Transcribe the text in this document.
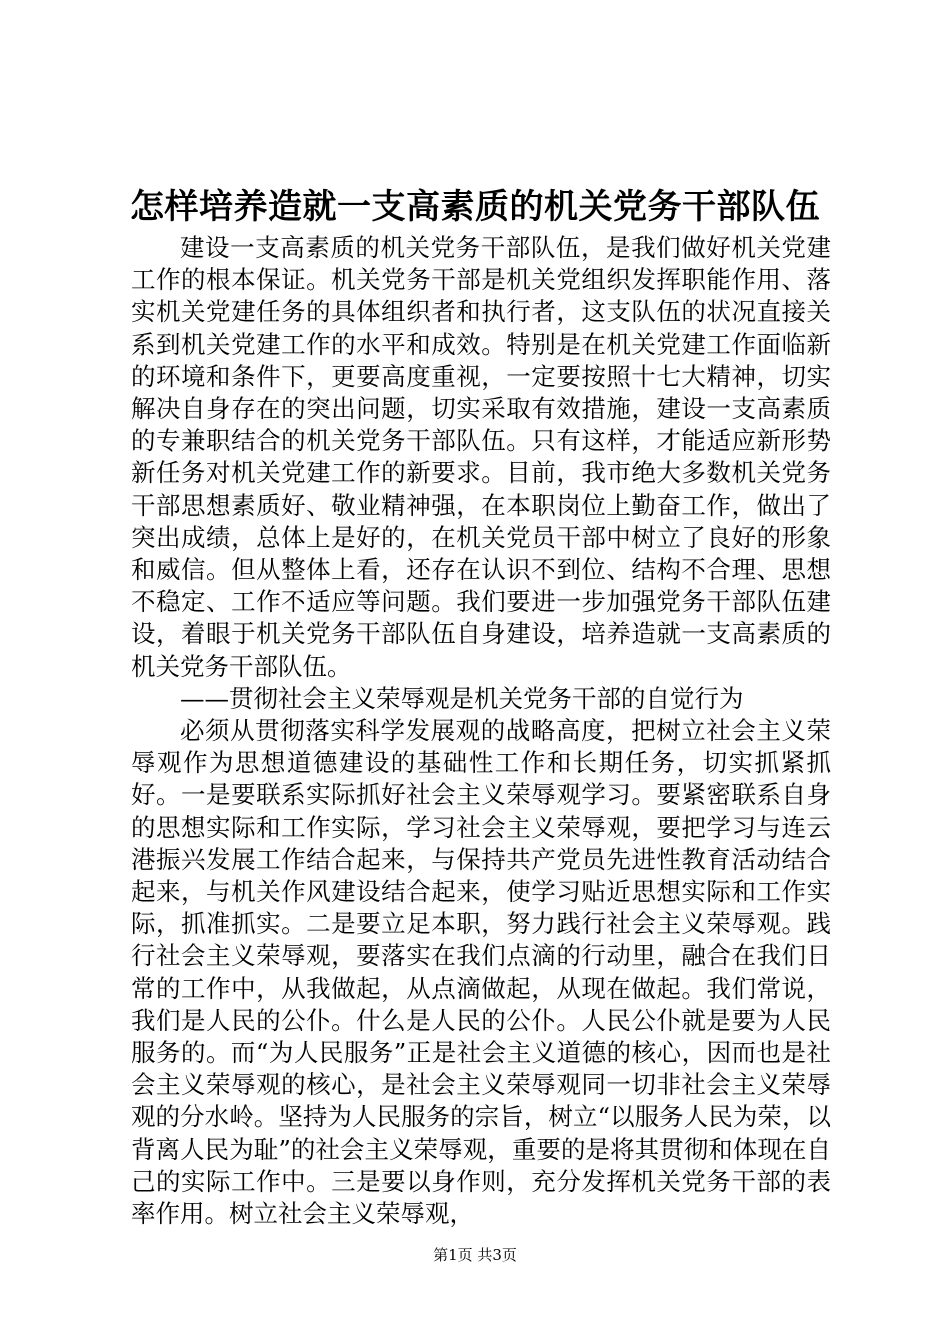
怎样培养造就一支高素质的机关党务干部队伍

建设一支高素质的机关党务干部队伍，是我们做好机关党建工作的根本保证。机关党务干部是机关党组织发挥职能作用、落实机关党建任务的具体组织者和执行者，这支队伍的状况直接关系到机关党建工作的水平和成效。特别是在机关党建工作面临新的环境和条件下，更要高度重视，一定要按照十七大精神，切实解决自身存在的突出问题，切实采取有效措施，建设一支高素质的专兼职结合的机关党务干部队伍。只有这样，才能适应新形势新任务对机关党建工作的新要求。目前，我市绝大多数机关党务干部思想素质好、敬业精神强，在本职岗位上勤奋工作，做出了突出成绩，总体上是好的，在机关党员干部中树立了良好的形象和威信。但从整体上看，还存在认识不到位、结构不合理、思想不稳定、工作不适应等问题。我们要进一步加强党务干部队伍建设，着眼于机关党务干部队伍自身建设，培养造就一支高素质的机关党务干部队伍。

——贯彻社会主义荣辱观是机关党务干部的自觉行为

必须从贯彻落实科学发展观的战略高度，把树立社会主义荣辱观作为思想道德建设的基础性工作和长期任务，切实抓紧抓好。一是要联系实际抓好社会主义荣辱观学习。要紧密联系自身的思想实际和工作实际，学习社会主义荣辱观，要把学习与连云港振兴发展工作结合起来，与保持共产党员先进性教育活动结合起来，与机关作风建设结合起来，使学习贴近思想实际和工作实际，抓准抓实。二是要立足本职，努力践行社会主义荣辱观。践行社会主义荣辱观，要落实在我们点滴的行动里，融合在我们日常的工作中，从我做起，从点滴做起，从现在做起。我们常说，我们是人民的公仆。什么是人民的公仆。人民公仆就是要为人民服务的。而“为人民服务”正是社会主义道德的核心，因而也是社会主义荣辱观的核心，是社会主义荣辱观同一切非社会主义荣辱观的分水岭。坚持为人民服务的宗旨，树立“以服务人民为荣，以背离人民为耻”的社会主义荣辱观，重要的是将其贯彻和体现在自己的实际工作中。三是要以身作则，充分发挥机关党务干部的表率作用。树立社会主义荣辱观，

第1页 共3页
